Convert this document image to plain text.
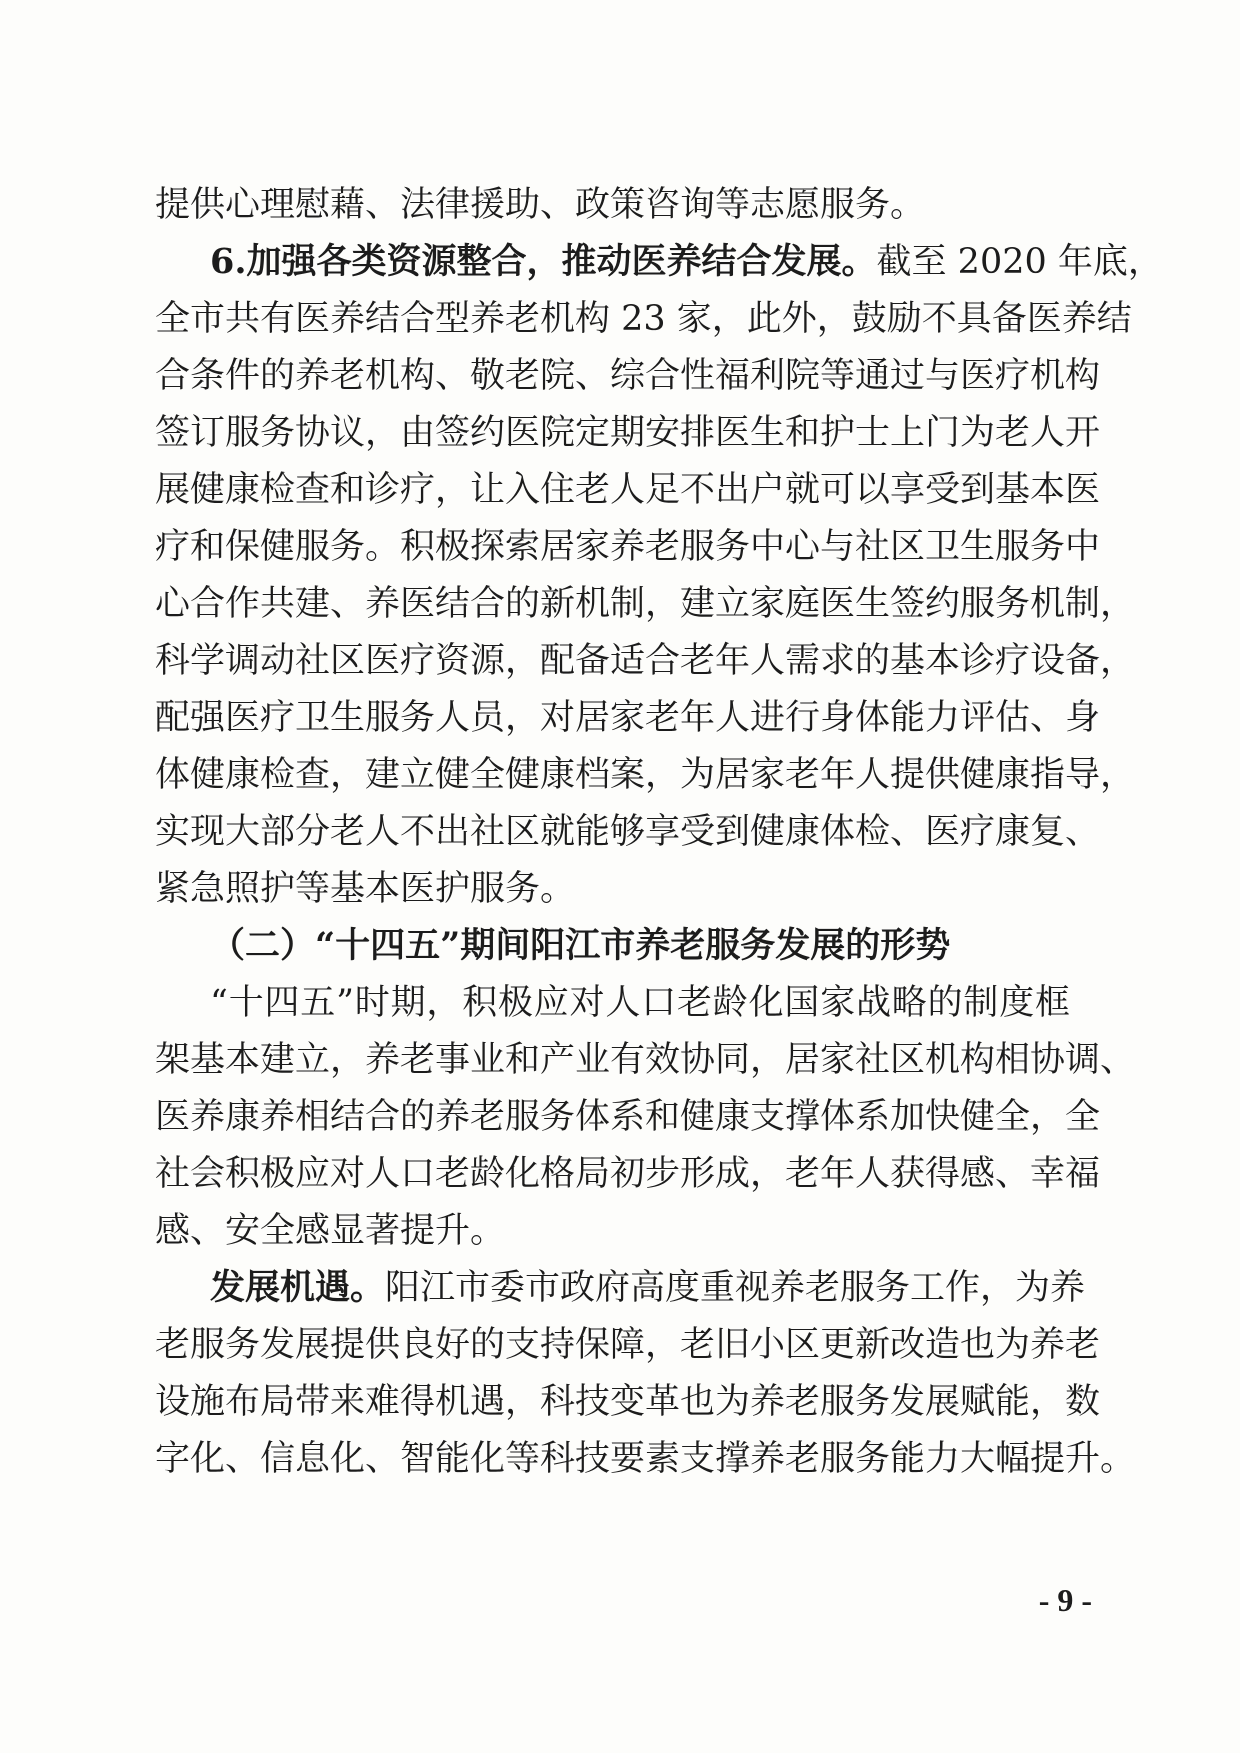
提供心理慰藉、法律援助、政策咨询等志愿服务。
6.加强各类资源整合，推动医养结合发展。截至 2020 年底，
全市共有医养结合型养老机构 23 家，此外，鼓励不具备医养结
合条件的养老机构、敬老院、综合性福利院等通过与医疗机构
签订服务协议，由签约医院定期安排医生和护士上门为老人开
展健康检查和诊疗，让入住老人足不出户就可以享受到基本医
疗和保健服务。积极探索居家养老服务中心与社区卫生服务中
心合作共建、养医结合的新机制，建立家庭医生签约服务机制，
科学调动社区医疗资源，配备适合老年人需求的基本诊疗设备，
配强医疗卫生服务人员，对居家老年人进行身体能力评估、身
体健康检查，建立健全健康档案，为居家老年人提供健康指导，
实现大部分老人不出社区就能够享受到健康体检、医疗康复、
紧急照护等基本医护服务。
（二）“十四五”期间阳江市养老服务发展的形势
“十四五”时期，积极应对人口老龄化国家战略的制度框
架基本建立，养老事业和产业有效协同，居家社区机构相协调、
医养康养相结合的养老服务体系和健康支撑体系加快健全，全
社会积极应对人口老龄化格局初步形成，老年人获得感、幸福
感、安全感显著提升。
发展机遇。阳江市委市政府高度重视养老服务工作，为养
老服务发展提供良好的支持保障，老旧小区更新改造也为养老
设施布局带来难得机遇，科技变革也为养老服务发展赋能，数
字化、信息化、智能化等科技要素支撑养老服务能力大幅提升。
- 9 -
